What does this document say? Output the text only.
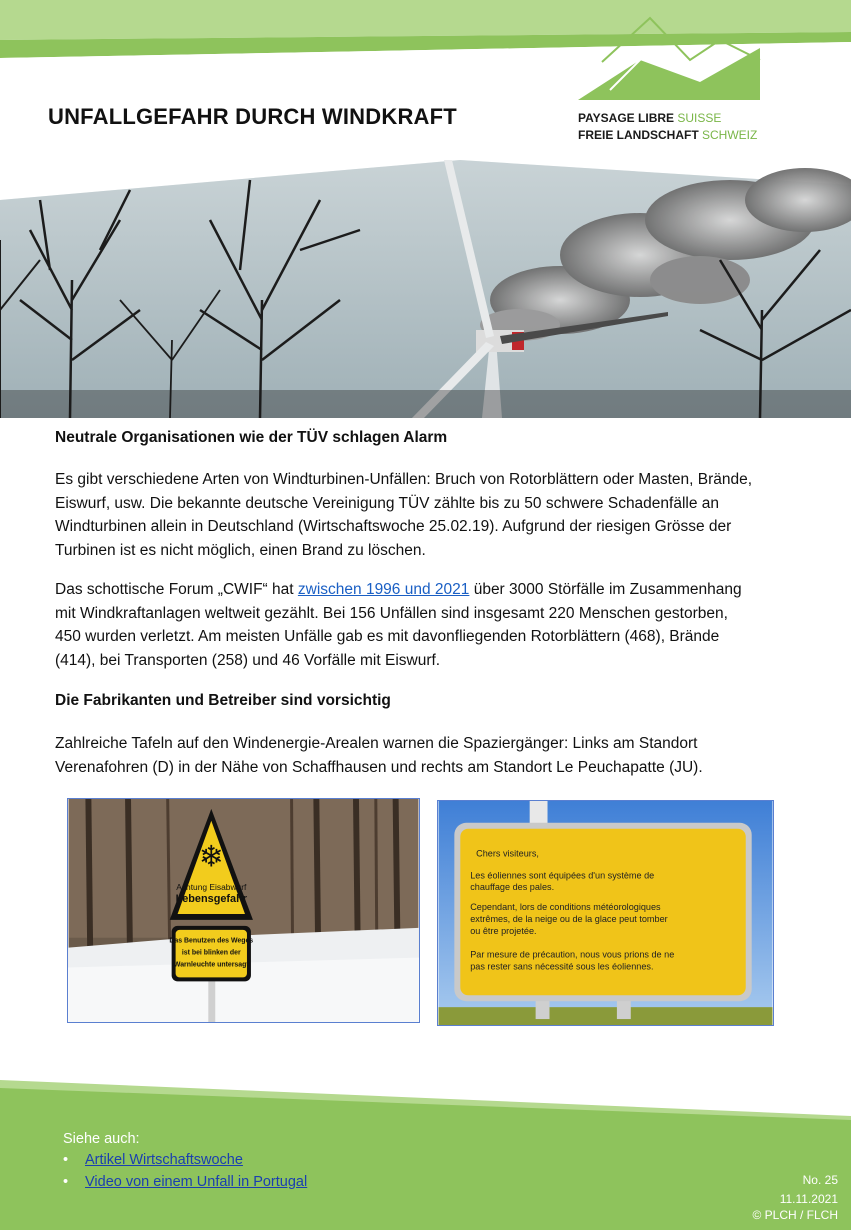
UNFALLGEFAHR DURCH WINDKRAFT	PAYSAGE LIBRE SUISSE
FREIE LANDSCHAFT SCHWEIZ
Neutrale Organisationen wie der TÜV schlagen Alarm
Es gibt verschiedene Arten von Windturbinen-Unfällen: Bruch von Rotorblättern oder Masten, Brände,
Eiswurf, usw. Die bekannte deutsche Vereinigung TÜV zählte bis zu 50 schwere Schadenfälle an
Windturbinen allein in Deutschland (Wirtschaftswoche 25.02.19). Aufgrund der riesigen Grösse der
Turbinen ist es nicht möglich, einen Brand zu löschen.
Das schottische Forum „CWIF“ hat zwischen 1996 und 2021 über 3000 Störfälle im Zusammenhang
mit Windkraftanlagen weltweit gezählt. Bei 156 Unfällen sind insgesamt 220 Menschen gestorben,
450 wurden verletzt. Am meisten Unfälle gab es mit davonfliegenden Rotorblättern (468), Brände
(414), bei Transporten (258) und 46 Vorfälle mit Eiswurf.
Die Fabrikanten und Betreiber sind vorsichtig
Zahlreiche Tafeln auf den Windenergie-Arealen warnen die Spaziergänger: Links am Standort
Verenafohren (D) in der Nähe von Schaffhausen und rechts am Standort Le Peuchapatte (JU).
❄
Achtung Eisabwurf
Lebensgefahr
Das Benutzen des Weges
ist bei blinken der
Warnleuchte untersagt
Chers visiteurs,
Les éoliennes sont équipées d'un système de
chauffage des pales.
Cependant, lors de conditions météorologiques
extrêmes, de la neige ou de la glace peut tomber
ou être projetée.
Par mesure de précaution, nous vous prions de ne
pas rester sans nécessité sous les éoliennes.
Siehe auch:
• Artikel Wirtschaftswoche
• Video von einem Unfall in Portugal	No. 25
11.11.2021
© PLCH / FLCH
